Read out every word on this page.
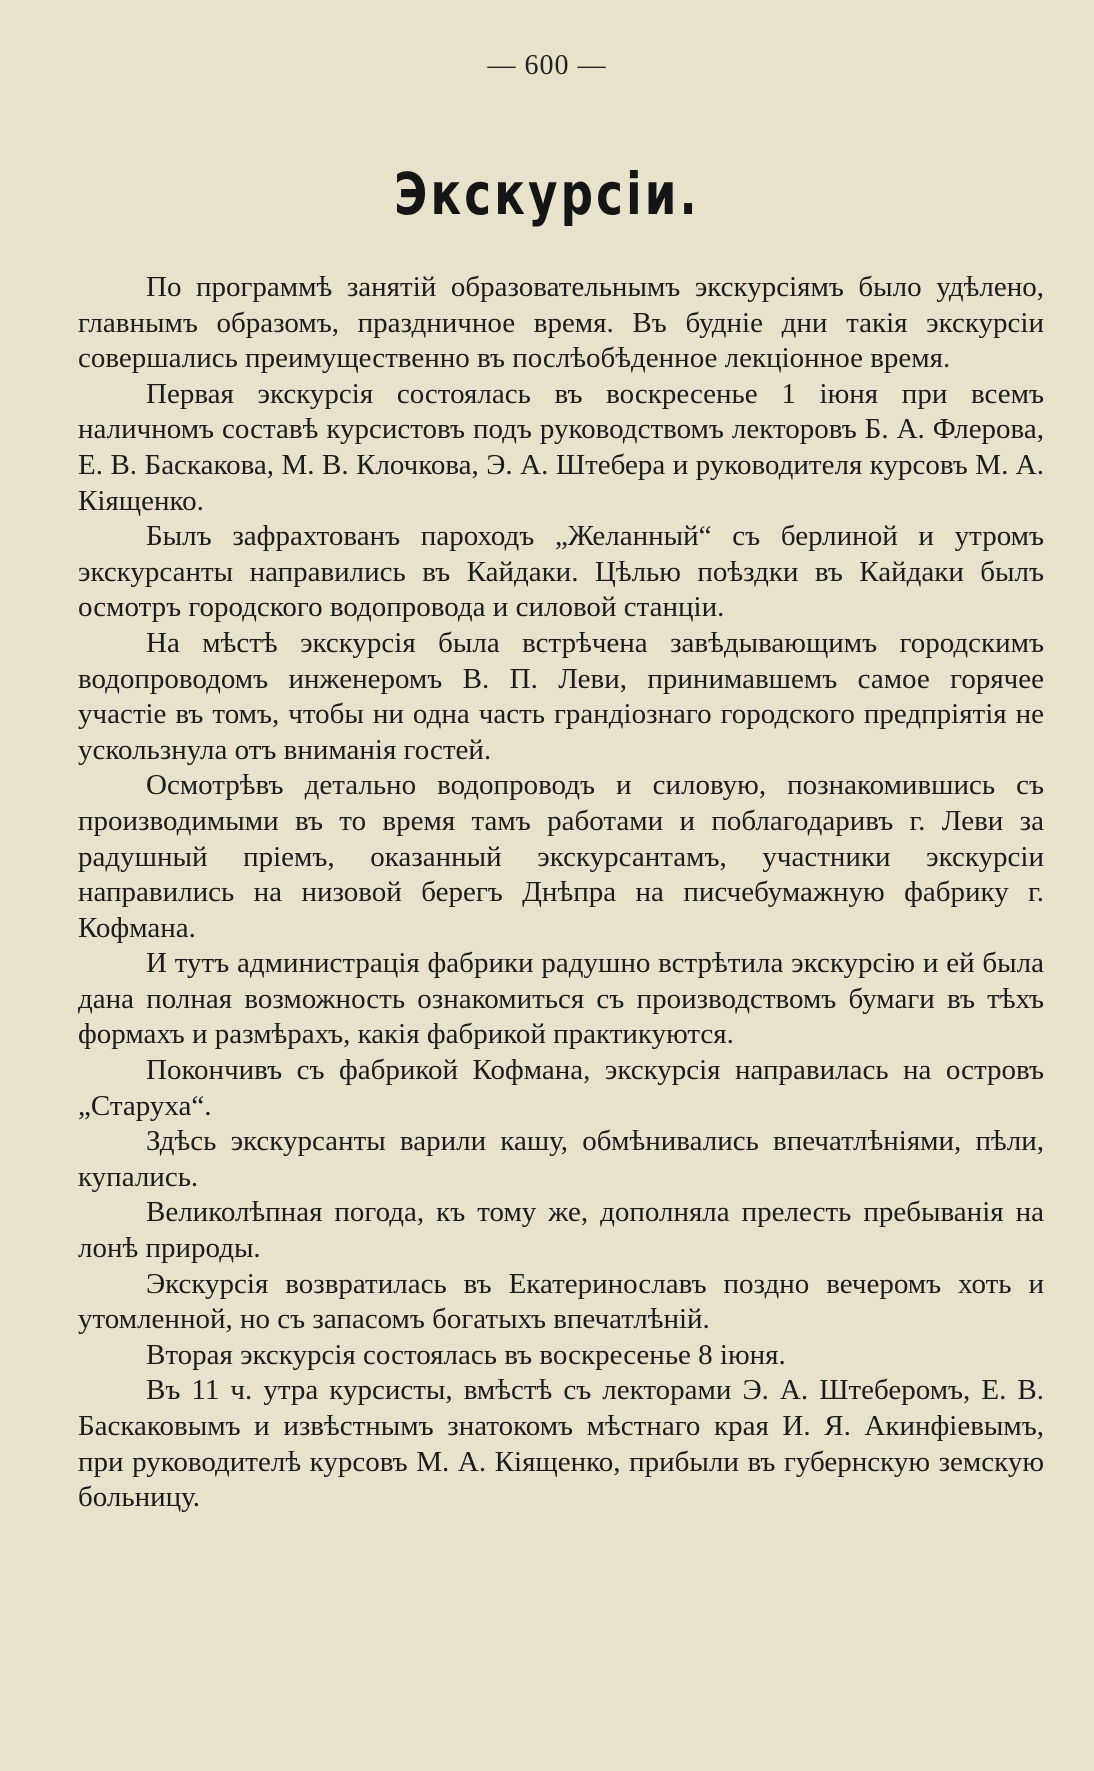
— 600 —
Экскурсіи.

По программѣ занятій образовательнымъ экскурсіямъ было удѣлено, главнымъ образомъ, праздничное время. Въ будніе дни такія экскурсіи совершались преимущественно въ послѣобѣденное лекціонное время.

Первая экскурсія состоялась въ воскресенье 1 іюня при всемъ наличномъ составѣ курсистовъ подъ руководствомъ лекторовъ Б. А. Флерова, Е. В. Баскакова, М. В. Клочкова, Э. А. Штебера и руководителя курсовъ М. А. Кіященко.

Былъ зафрахтованъ пароходъ „Желанный“ съ берлиной и утромъ экскурсанты направились въ Кайдаки. Цѣлью поѣздки въ Кайдаки былъ осмотръ городского водопровода и силовой станціи.

На мѣстѣ экскурсія была встрѣчена завѣдывающимъ городскимъ водопроводомъ инженеромъ В. П. Леви, принимавшемъ самое горячее участіе въ томъ, чтобы ни одна часть грандіознаго городского предпріятія не ускользнула отъ вниманія гостей.

Осмотрѣвъ детально водопроводъ и силовую, познакомившись съ производимыми въ то время тамъ работами и поблагодаривъ г. Леви за радушный пріемъ, оказанный экскурсантамъ, участники экскурсіи направились на низовой берегъ Днѣпра на писчебумажную фабрику г. Кофмана.

И тутъ администрація фабрики радушно встрѣтила экскурсію и ей была дана полная возможность ознакомиться съ производствомъ бумаги въ тѣхъ формахъ и размѣрахъ, какія фабрикой практикуются.

Покончивъ съ фабрикой Кофмана, экскурсія направилась на островъ „Старуха“.

Здѣсь экскурсанты варили кашу, обмѣнивались впечатлѣніями, пѣли, купались.

Великолѣпная погода, къ тому же, дополняла прелесть пребыванія на лонѣ природы.

Экскурсія возвратилась въ Екатеринославъ поздно вечеромъ хоть и утомленной, но съ запасомъ богатыхъ впечатлѣній.

Вторая экскурсія состоялась въ воскресенье 8 іюня.

Въ 11 ч. утра курсисты, вмѣстѣ съ лекторами Э. А. Штеберомъ, Е. В. Баскаковымъ и извѣстнымъ знатокомъ мѣстнаго края И. Я. Акинфіевымъ, при руководителѣ курсовъ М. А. Кіященко, прибыли въ губернскую земскую больницу.
